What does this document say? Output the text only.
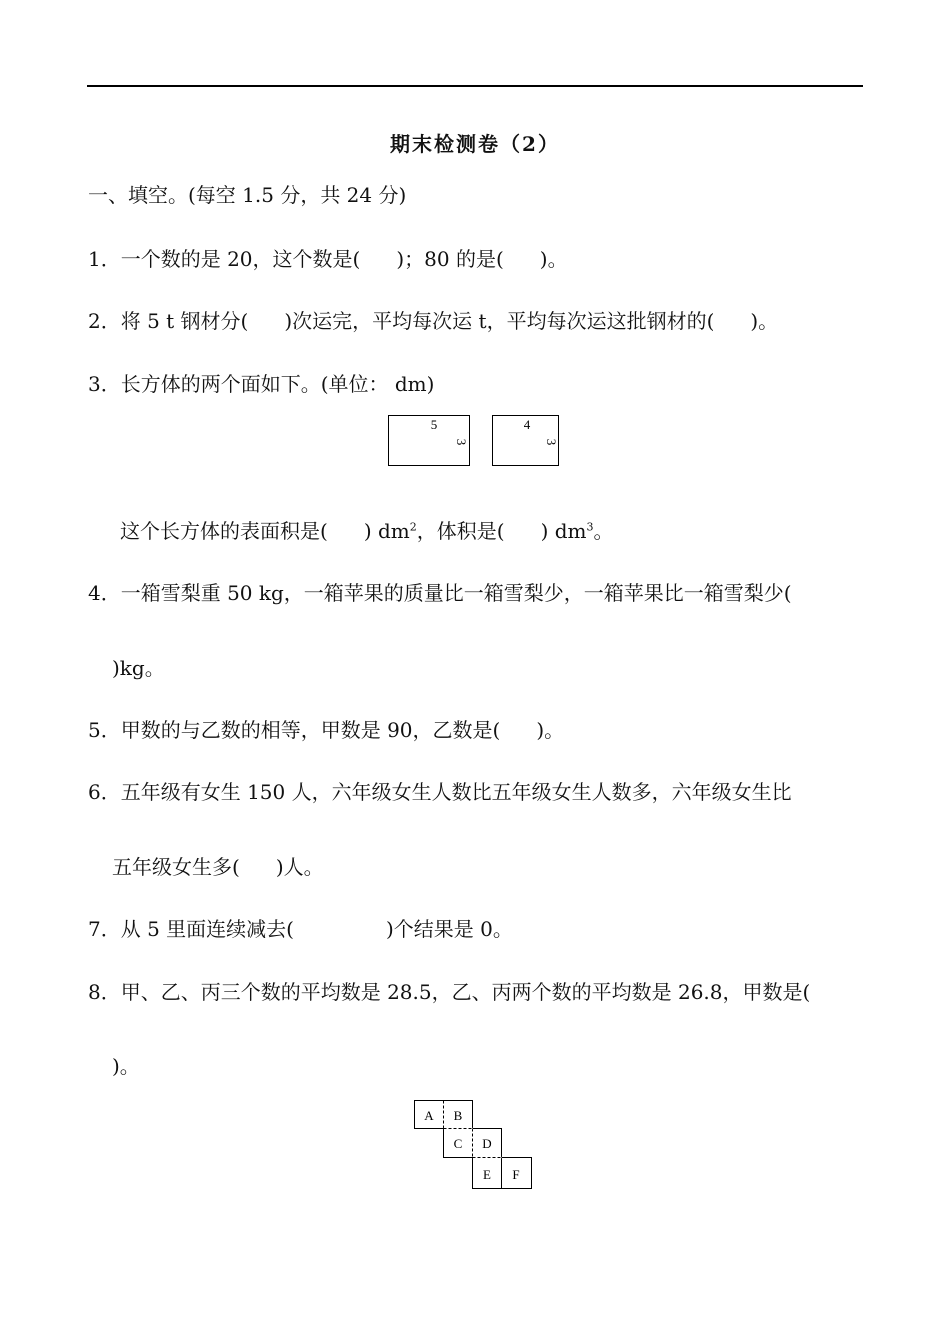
期末检测卷（2）
一、填空。(每空 1.5 分，共 24 分)
1．一个数的是 20，这个数是( )；80 的是( )。
2．将 5 t 钢材分( )次运完，平均每次运 t，平均每次运这批钢材的( )。
3．长方体的两个面如下。(单位： dm)
5
3
4
3
这个长方体的表面积是( ) $dm^2$，体积是( ) $dm^3$。
4．一箱雪梨重 50 kg，一箱苹果的质量比一箱雪梨少，一箱苹果比一箱雪梨少(
)kg。
5．甲数的与乙数的相等，甲数是 90，乙数是( )。
6．五年级有女生 150 人，六年级女生人数比五年级女生人数多，六年级女生比
五年级女生多( )人。
7．从 5 里面连续减去(	)个结果是 0。
8．甲、乙、丙三个数的平均数是 28.5，乙、丙两个数的平均数是 26.8，甲数是(
)。
A B
C D
E F
